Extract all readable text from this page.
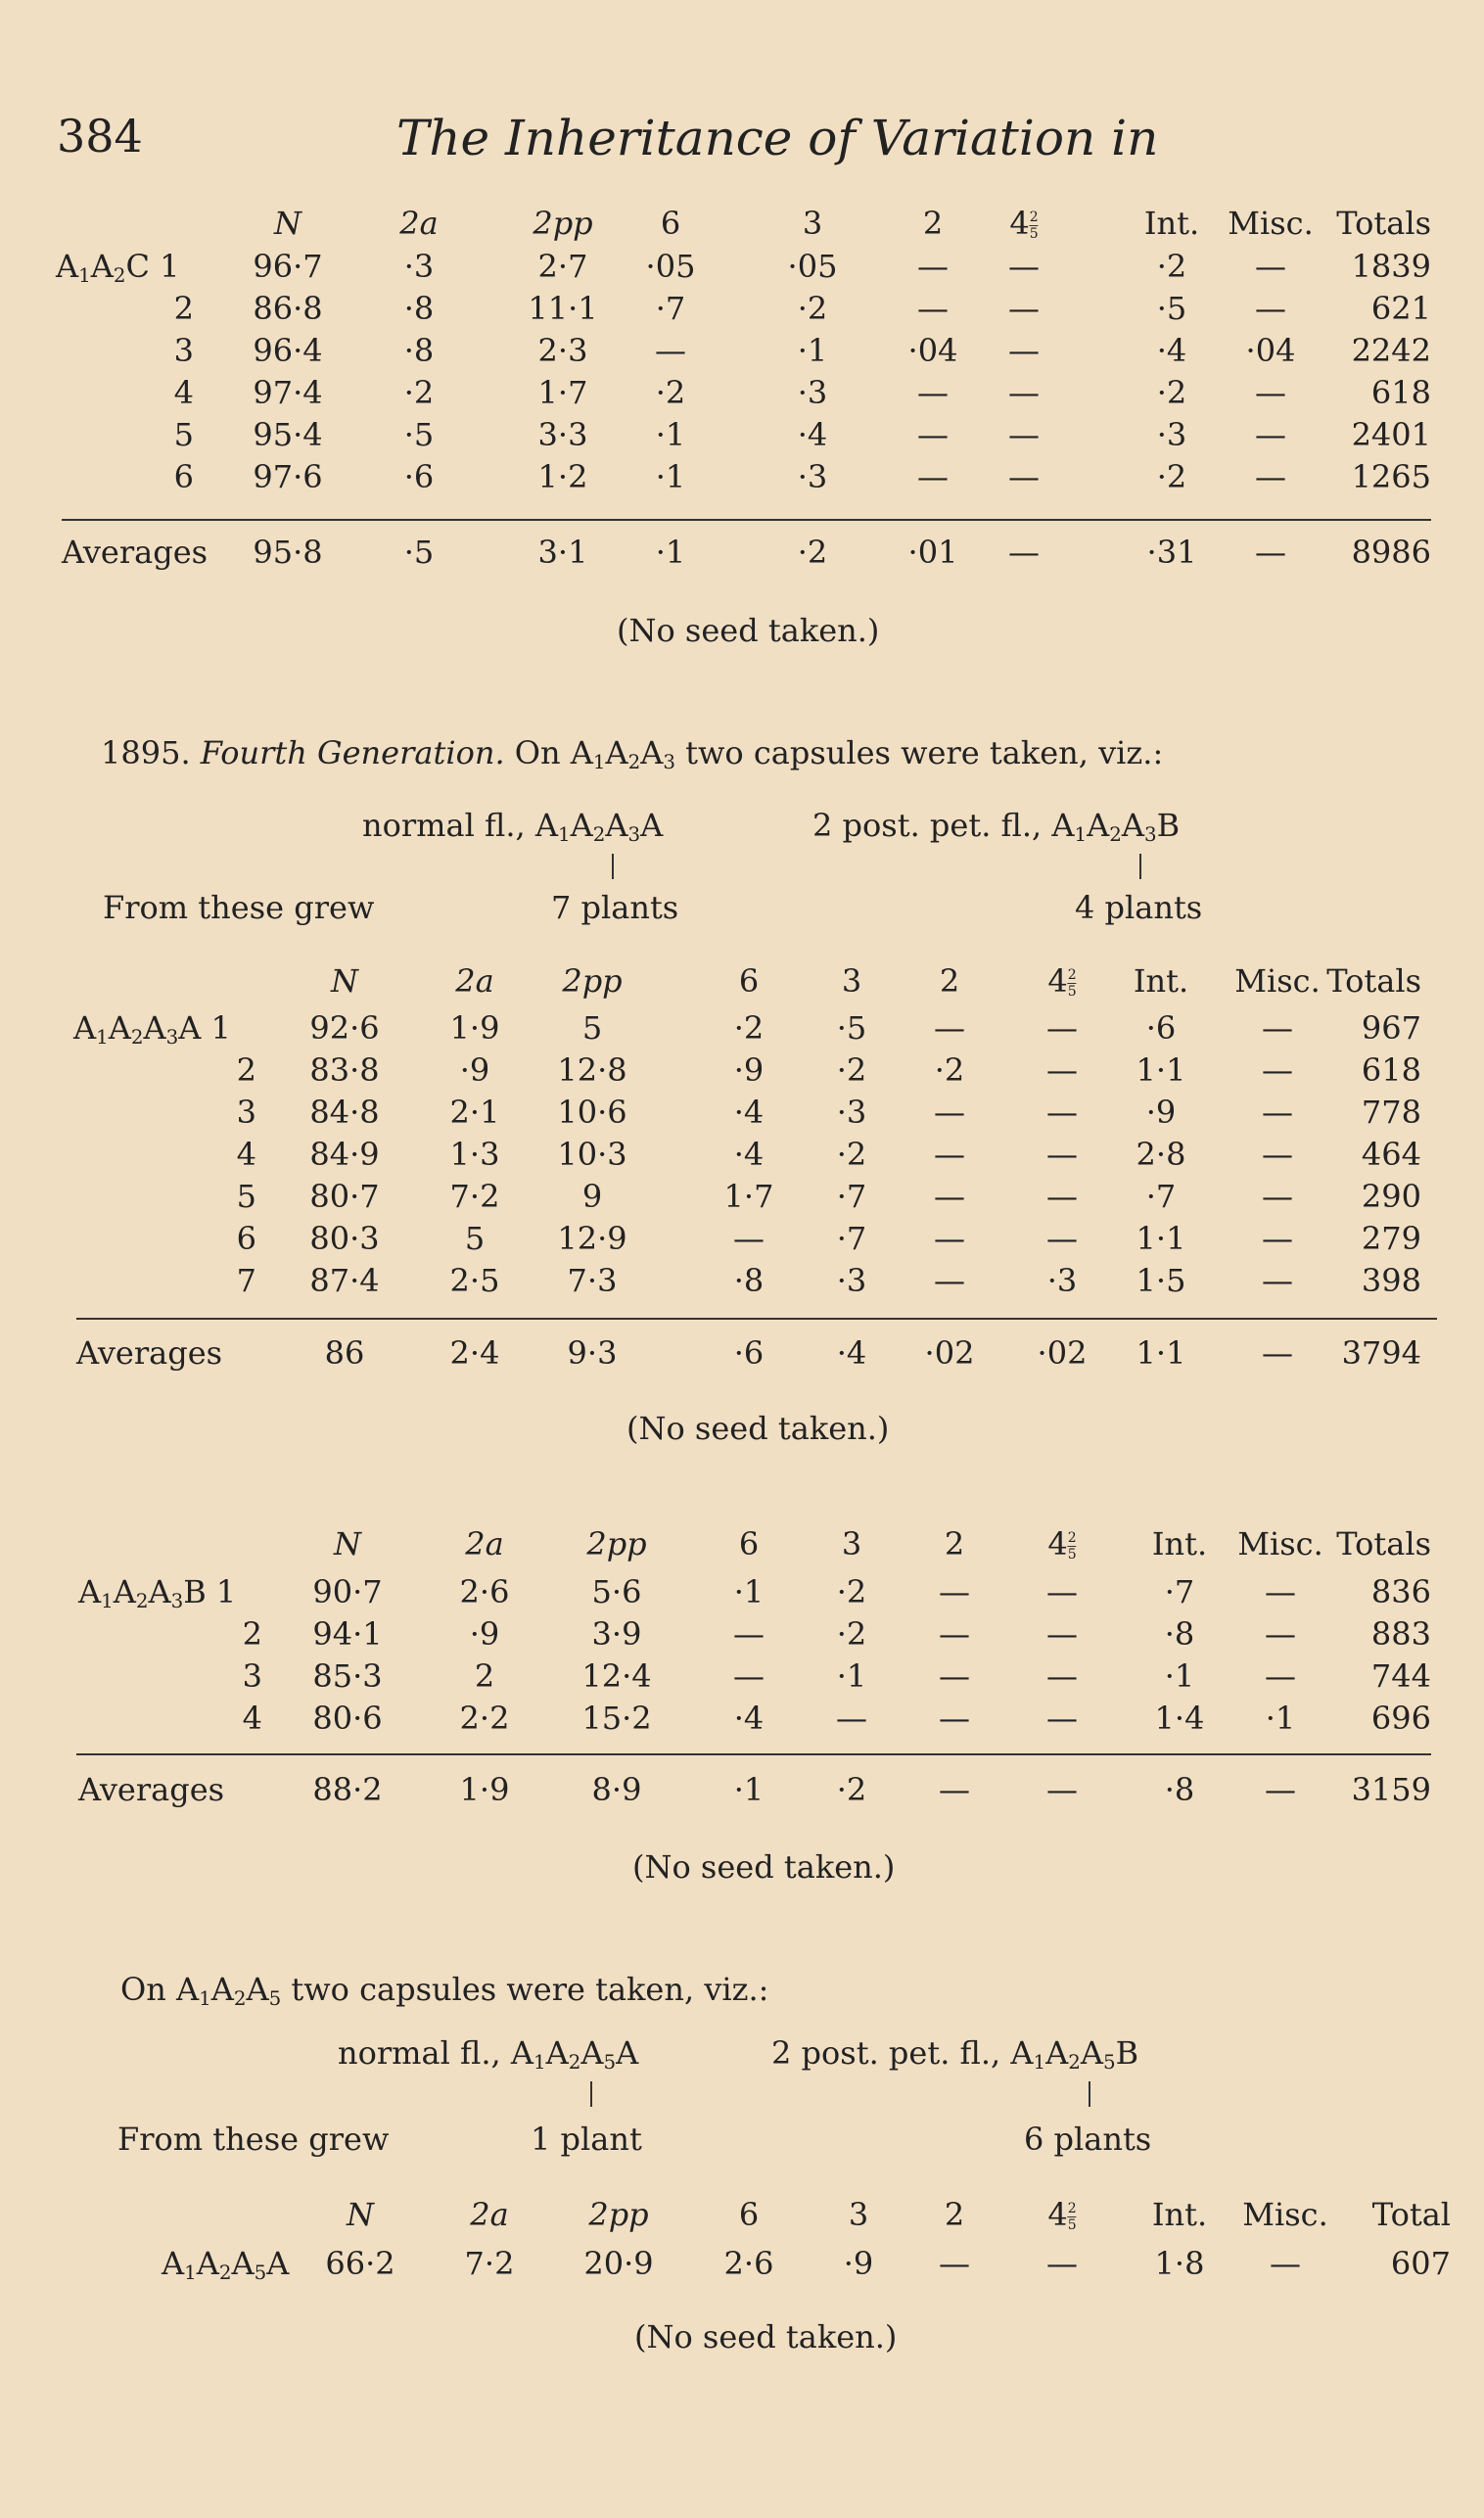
384	The Inheritance of Variation in
N	2a	2pp 6	3	2 $4 \frac{2}{5}$	Int. Misc. Totals
$A_1A_2C$ 1 96·7	·3	2·7 ·05	·05	— —	·2 — 1839
2 86·8	·8	11·1 ·7	·2	— —	·5 —	621
3 96·4	·8	2·3 —	·1	·04 —	·4 ·04 2242
4 97·4	·2	1·7 ·2	·3	— —	·2 —	618
5 95·4	·5	3·3 ·1	·4	— —	·3 — 2401
6 97·6	·6	1·2 ·1	·3	— —	·2 — 1265
Averages 95·8	·5	3·1 ·1	·2	·01 —	·31 — 8986
(No seed taken.)
N	2a 2pp	6	3 2	$4 \frac{2}{5}$ Int. Misc. Totals
$A_1A_2A_3A$ 1	92·6 1·9	5	·2 ·5 —	— ·6	— 967
2 83·8	·9 12·8	·9 ·2 ·2	— 1·1 — 618
3 84·8 2·1 10·6	·4 ·3 —	— ·9	— 778
4 84·9 1·3 10·3	·4 ·2 —	— 2·8 — 464
5 80·7 7·2	9	1·7 ·7 —	— ·7	— 290
6 80·3	5 12·9	— ·7 —	— 1·1 — 279
7 87·4 2·5 7·3	·8 ·3 —	·3 1·5 — 398
Averages	86	2·4 9·3	·6 ·4 ·02 ·02 1·1 — 3794
(No seed taken.)
N	2a	2pp	6	3	2	$4 \frac{2}{5}$ Int. Misc. Totals
$A_1A_2A_3B$ 1 90·7 2·6	5·6	·1 ·2 — —	·7 — 836
2 94·1	·9	3·9	— ·2 — —	·8 — 883
3 85·3	2	12·4	— ·1 — —	·1 — 744
4 80·6 2·2 15·2	·4 — — — 1·4 ·1 696
Averages	88·2 1·9	8·9	·1 ·2 — —	·8 — 3159
(No seed taken.)
N	2a	2pp	6	3 2	$4 \frac{2}{5}$ Int. Misc. Total
$A_1A_2A_5A$ 66·2 7·2 20·9 2·6 ·9 — — 1·8 —	607
(No seed taken.)
1895. Fourth Generation. On $A_1A_2A_3$ two capsules were taken, viz.:
normal fl., $A_1A_2A_3A$	2 post. pet. fl., $A_1A_2A_3B$
From these grew	7 plants	4 plants
On $A_1A_2A_5$ two capsules were taken, viz.:
normal fl., $A_1A_2A_5A$	2 post. pet. fl., $A_1A_2A_5B$
From these grew	1 plant	6 plants
